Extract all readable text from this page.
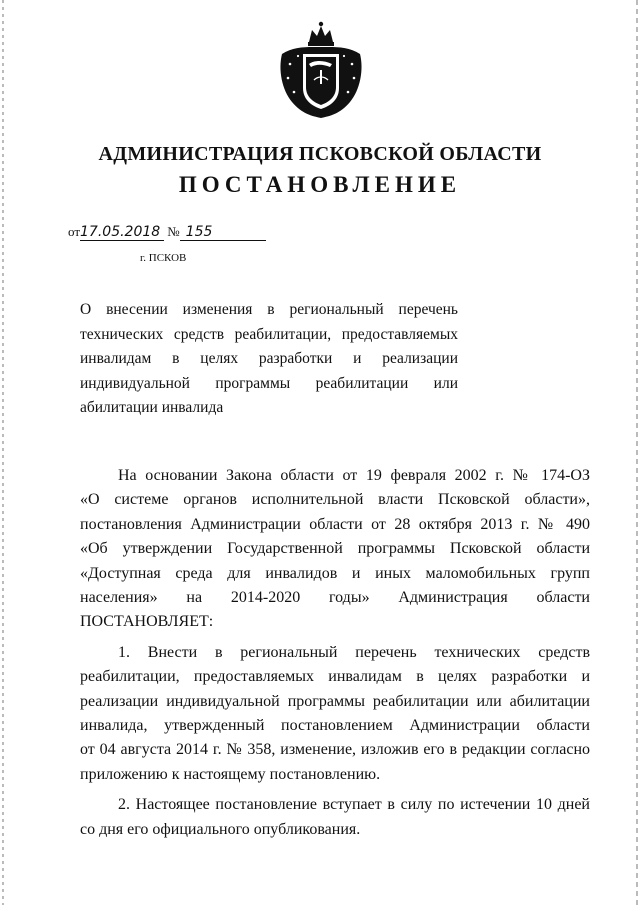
АДМИНИСТРАЦИЯ ПСКОВСКОЙ ОБЛАСТИ
ПОСТАНОВЛЕНИЕ
от17.05.2018 № 155
г. ПСКОВ
О внесении изменения в региональный перечень
технических средств реабилитации, предоставляемых
инвалидам в целях разработки и реализации
индивидуальной программы реабилитации или
абилитации инвалида
На основании Закона области от 19 февраля 2002 г. № 174-ОЗ
«О системе органов исполнительной власти Псковской области»,
постановления Администрации области от 28 октября 2013 г. № 490
«Об утверждении Государственной программы Псковской области
«Доступная среда для инвалидов и иных маломобильных групп
населения» на 2014-2020 годы» Администрация области
ПОСТАНОВЛЯЕТ:
1. Внести в региональный перечень технических средств
реабилитации, предоставляемых инвалидам в целях разработки и
реализации индивидуальной программы реабилитации или абилитации
инвалида, утвержденный постановлением Администрации области
от 04 августа 2014 г. № 358, изменение, изложив его в редакции согласно
приложению к настоящему постановлению.
2. Настоящее постановление вступает в силу по истечении 10 дней
со дня его официального опубликования.
